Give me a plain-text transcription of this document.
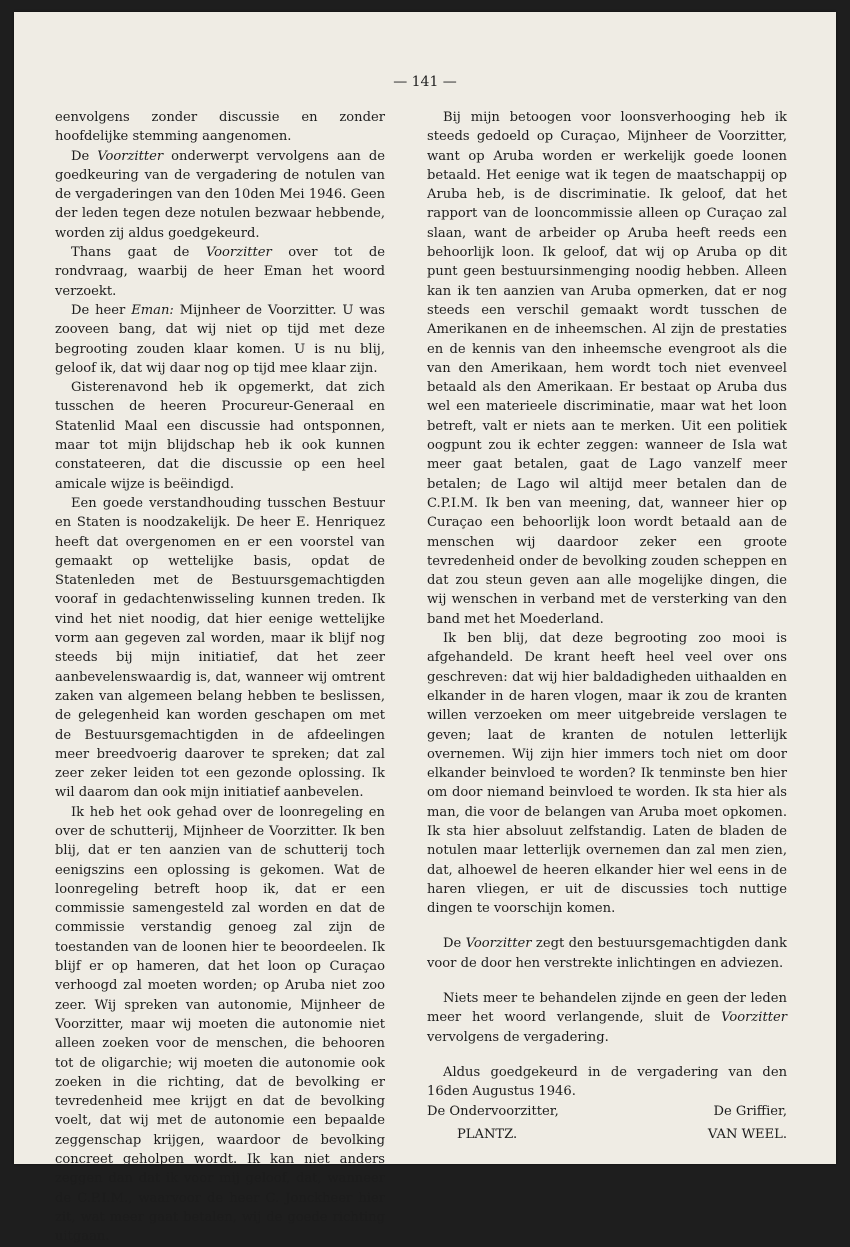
— 141 —

eenvolgens zonder discussie en zonder hoofdelijke stemming aangenomen.

De Voorzitter onderwerpt vervolgens aan de goedkeuring van de vergadering de notulen van de vergaderingen van den 10den Mei 1946. Geen der leden tegen deze notulen bezwaar hebbende, worden zij aldus goedgekeurd.

Thans gaat de Voorzitter over tot de rondvraag, waarbij de heer Eman het woord verzoekt.

De heer Eman: Mijnheer de Voorzitter. U was zooveen bang, dat wij niet op tijd met deze begrooting zouden klaar komen. U is nu blij, geloof ik, dat wij daar nog op tijd mee klaar zijn.

Gisterenavond heb ik opgemerkt, dat zich tusschen de heeren Procureur-Generaal en Statenlid Maal een discussie had ontsponnen, maar tot mijn blijdschap heb ik ook kunnen constateeren, dat die discussie op een heel amicale wijze is beëindigd.

Een goede verstandhouding tusschen Bestuur en Staten is noodzakelijk. De heer E. Henriquez heeft dat overgenomen en er een voorstel van gemaakt op wettelijke basis, opdat de Statenleden met de Bestuursgemachtigden vooraf in gedachtenwisseling kunnen treden. Ik vind het niet noodig, dat hier eenige wettelijke vorm aan gegeven zal worden, maar ik blijf nog steeds bij mijn initiatief, dat het zeer aanbevelenswaardig is, dat, wanneer wij omtrent zaken van algemeen belang hebben te beslissen, de gelegenheid kan worden geschapen om met de Bestuursgemachtigden in de afdeelingen meer breedvoerig daarover te spreken; dat zal zeer zeker leiden tot een gezonde oplossing. Ik wil daarom dan ook mijn initiatief aanbevelen.

Ik heb het ook gehad over de loonregeling en over de schutterij, Mijnheer de Voorzitter. Ik ben blij, dat er ten aanzien van de schutterij toch eenigszins een oplossing is gekomen. Wat de loonregeling betreft hoop ik, dat er een commissie samengesteld zal worden en dat de commissie verstandig genoeg zal zijn de toestanden van de loonen hier te beoordeelen. Ik blijf er op hameren, dat het loon op Curaçao verhoogd zal moeten worden; op Aruba niet zoo zeer. Wij spreken van autonomie, Mijnheer de Voorzitter, maar wij moeten die autonomie niet alleen zoeken voor de menschen, die behooren tot de oligarchie; wij moeten die autonomie ook zoeken in die richting, dat de bevolking er tevredenheid mee krijgt en dat de bevolking voelt, dat wij met de autonomie een bepaalde zeggenschap krijgen, waardoor de bevolking concreet geholpen wordt. Ik kan niet anders zeggen dan dat ik voor mij geloof, dat, wanneer de C.P.I.M., waarvoor de heer C. Jonckheer hier zit, wat meer gaat betalen, wij de goede richting uitgaan.

Bij mijn betoogen voor loonsverhooging heb ik steeds gedoeld op Curaçao, Mijnheer de Voorzitter, want op Aruba worden er werkelijk goede loonen betaald. Het eenige wat ik tegen de maatschappij op Aruba heb, is de discriminatie. Ik geloof, dat het rapport van de looncommissie alleen op Curaçao zal slaan, want de arbeider op Aruba heeft reeds een behoorlijk loon. Ik geloof, dat wij op Aruba op dit punt geen bestuursinmenging noodig hebben. Alleen kan ik ten aanzien van Aruba opmerken, dat er nog steeds een verschil gemaakt wordt tusschen de Amerikanen en de inheemschen. Al zijn de prestaties en de kennis van den inheemsche evengroot als die van den Amerikaan, hem wordt toch niet evenveel betaald als den Amerikaan. Er bestaat op Aruba dus wel een materieele discriminatie, maar wat het loon betreft, valt er niets aan te merken. Uit een politiek oogpunt zou ik echter zeggen: wanneer de Isla wat meer gaat betalen, gaat de Lago vanzelf meer betalen; de Lago wil altijd meer betalen dan de C.P.I.M. Ik ben van meening, dat, wanneer hier op Curaçao een behoorlijk loon wordt betaald aan de menschen wij daardoor zeker een groote tevredenheid onder de bevolking zouden scheppen en dat zou steun geven aan alle mogelijke dingen, die wij wenschen in verband met de versterking van den band met het Moederland.

Ik ben blij, dat deze begrooting zoo mooi is afgehandeld. De krant heeft heel veel over ons geschreven: dat wij hier baldadigheden uithaalden en elkander in de haren vlogen, maar ik zou de kranten willen verzoeken om meer uitgebreide verslagen te geven; laat de kranten de notulen letterlijk overnemen. Wij zijn hier immers toch niet om door elkander beinvloed te worden? Ik tenminste ben hier om door niemand beinvloed te worden. Ik sta hier als man, die voor de belangen van Aruba moet opkomen. Ik sta hier absoluut zelfstandig. Laten de bladen de notulen maar letterlijk overnemen dan zal men zien, dat, alhoewel de heeren elkander hier wel eens in de haren vliegen, er uit de discussies toch nuttige dingen te voorschijn komen.

De Voorzitter zegt den bestuursgemachtigden dank voor de door hen verstrekte inlichtingen en adviezen.

Niets meer te behandelen zijnde en geen der leden meer het woord verlangende, sluit de Voorzitter vervolgens de vergadering.

Aldus goedgekeurd in de vergadering van den 16den Augustus 1946.

De Ondervoorzitter,	De Griffier,
PLANTZ.	VAN WEEL.
